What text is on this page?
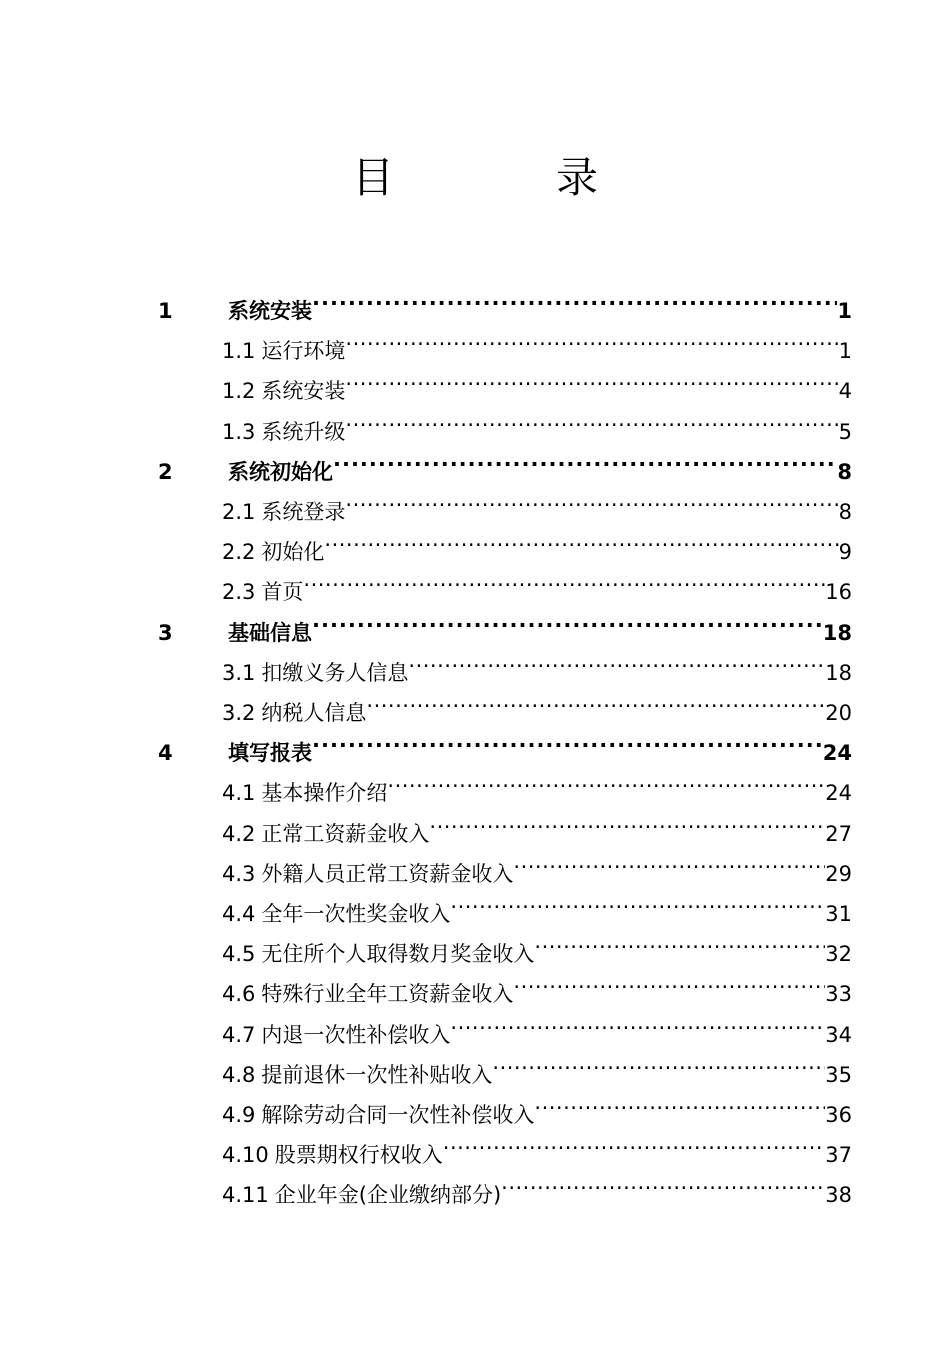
目　录
1	系统安装 .....	1
1.1 运行环境 .....	1
1.2 系统安装 .....	4
1.3 系统升级 .....	5
2	系统初始化 .....	8
2.1 系统登录 .....	8
2.2 初始化 .....	9
2.3 首页 .....	16
3	基础信息 .....	18
3.1 扣缴义务人信息 .....	18
3.2 纳税人信息 .....	20
4	填写报表 .....	24
4.1 基本操作介绍 .....	24
4.2 正常工资薪金收入 .....	27
4.3 外籍人员正常工资薪金收入 .....	29
4.4 全年一次性奖金收入 .....	31
4.5 无住所个人取得数月奖金收入 .....	32
4.6 特殊行业全年工资薪金收入 .....	33
4.7 内退一次性补偿收入 .....	34
4.8 提前退休一次性补贴收入 .....	35
4.9 解除劳动合同一次性补偿收入 .....	36
4.10 股票期权行权收入 .....	37
4.11 企业年金(企业缴纳部分) .....	38
